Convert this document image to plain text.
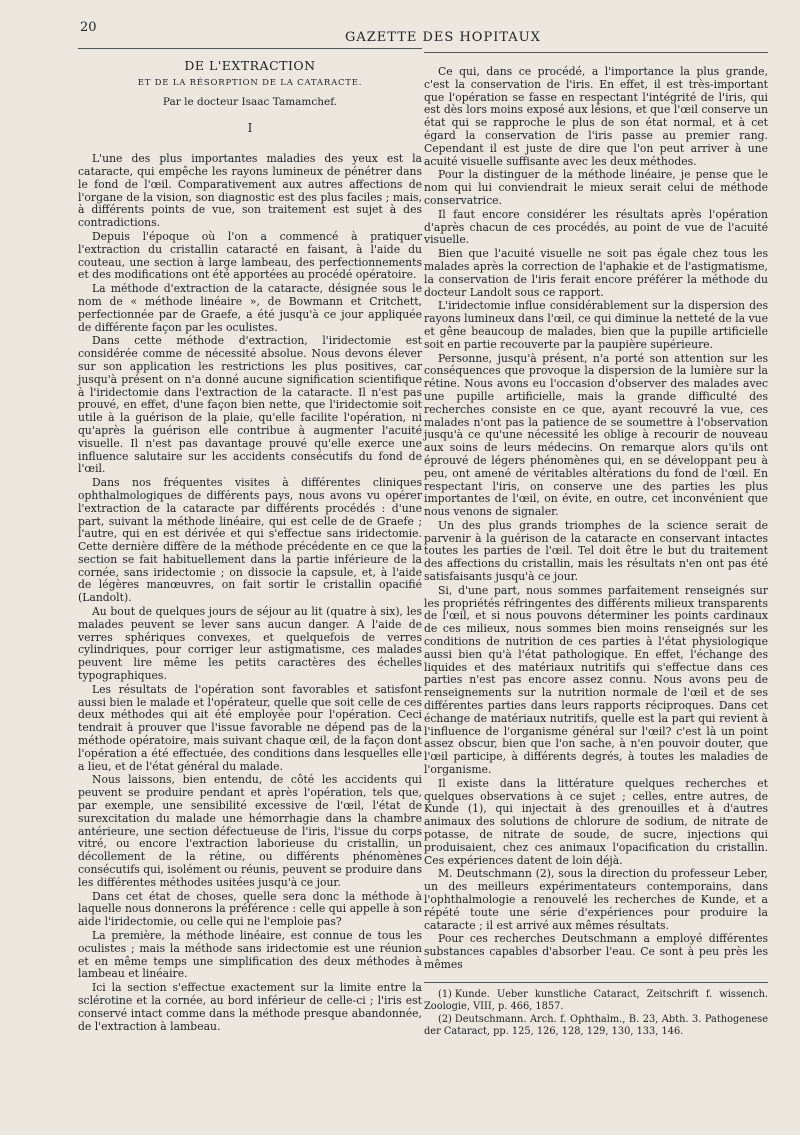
20
GAZETTE DES HOPITAUX
DE L'EXTRACTION
ET DE LA RÉSORPTION DE LA CATARACTE.
Par le docteur Isaac Tamamchef.
I

L'une des plus importantes maladies des yeux est la cataracte, qui empêche les rayons lumineux de pénétrer dans le fond de l'œil. Comparativement aux autres affections de l'organe de la vision, son diagnostic est des plus faciles ; mais, à différents points de vue, son traitement est sujet à des contradictions.

Depuis l'époque où l'on a commencé à pratiquer l'extraction du cristallin cataracté en faisant, à l'aide du couteau, une section à large lambeau, des perfectionnements et des modifications ont été apportées au procédé opératoire.

La méthode d'extraction de la cataracte, désignée sous le nom de « méthode linéaire », de Bowmann et Critchett, perfectionnée par de Graefe, a été jusqu'à ce jour appliquée de différente façon par les oculistes.

Dans cette méthode d'extraction, l'iridectomie est considérée comme de nécessité absolue. Nous devons élever sur son application les restrictions les plus positives, car jusqu'à présent on n'a donné aucune signification scientifique à l'iridectomie dans l'extraction de la cataracte. Il n'est pas prouvé, en effet, d'une façon bien nette, que l'iridectomie soit utile à la guérison de la plaie, qu'elle facilite l'opération, ni qu'après la guérison elle contribue à augmenter l'acuité visuelle. Il n'est pas davantage prouvé qu'elle exerce une influence salutaire sur les accidents consécutifs du fond de l'œil.

Dans nos fréquentes visites à différentes cliniques ophthalmologiques de différents pays, nous avons vu opérer l'extraction de la cataracte par différents procédés : d'une part, suivant la méthode linéaire, qui est celle de de Graefe ; l'autre, qui en est dérivée et qui s'effectue sans iridectomie. Cette dernière diffère de la méthode précédente en ce que la section se fait habituellement dans la partie inférieure de la cornée, sans iridectomie ; on dissocie la capsule, et, à l'aide de légères manœuvres, on fait sortir le cristallin opacifié (Landolt).

Au bout de quelques jours de séjour au lit (quatre à six), les malades peuvent se lever sans aucun danger. A l'aide de verres sphériques convexes, et quelquefois de verres cylindriques, pour corriger leur astigmatisme, ces malades peuvent lire même les petits caractères des échelles typographiques.

Les résultats de l'opération sont favorables et satisfont aussi bien le malade et l'opérateur, quelle que soit celle de ces deux méthodes qui ait été employée pour l'opération. Ceci tendrait à prouver que l'issue favorable ne dépend pas de la méthode opératoire, mais suivant chaque œil, de la façon dont l'opération a été effectuée, des conditions dans lesquelles elle a lieu, et de l'état général du malade.

Nous laissons, bien entendu, de côté les accidents qui peuvent se produire pendant et après l'opération, tels que, par exemple, une sensibilité excessive de l'œil, l'état de surexcitation du malade une hémorrhagie dans la chambre antérieure, une section défectueuse de l'iris, l'issue du corps vitré, ou encore l'extraction laborieuse du cristallin, un décollement de la rétine, ou différents phénomènes consécutifs qui, isolément ou réunis, peuvent se produire dans les différentes méthodes usitées jusqu'à ce jour.

Dans cet état de choses, quelle sera donc la méthode à laquelle nous donnerons la préférence : celle qui appelle à son aide l'iridectomie, ou celle qui ne l'emploie pas?

La première, la méthode linéaire, est connue de tous les oculistes ; mais la méthode sans iridectomie est une réunion et en même temps une simplification des deux méthodes à lambeau et linéaire.

Ici la section s'effectue exactement sur la limite entre la sclérotine et la cornée, au bord inférieur de celle-ci ; l'iris est conservé intact comme dans la méthode presque abandonnée, de l'extraction à lambeau.

Ce qui, dans ce procédé, a l'importance la plus grande, c'est la conservation de l'iris. En effet, il est très-important que l'opération se fasse en respectant l'intégrité de l'iris, qui est dès lors moins exposé aux lésions, et que l'œil conserve un état qui se rapproche le plus de son état normal, et à cet égard la conservation de l'iris passe au premier rang. Cependant il est juste de dire que l'on peut arriver à une acuité visuelle suffisante avec les deux méthodes.

Pour la distinguer de la méthode linéaire, je pense que le nom qui lui conviendrait le mieux serait celui de méthode conservatrice.

Il faut encore considérer les résultats après l'opération d'après chacun de ces procédés, au point de vue de l'acuité visuelle.

Bien que l'acuité visuelle ne soit pas égale chez tous les malades après la correction de l'aphakie et de l'astigmatisme, la conservation de l'iris ferait encore préférer la méthode du docteur Landolt sous ce rapport.

L'iridectomie influe considérablement sur la dispersion des rayons lumineux dans l'œil, ce qui diminue la netteté de la vue et gêne beaucoup de malades, bien que la pupille artificielle soit en partie recouverte par la paupière supérieure.

Personne, jusqu'à présent, n'a porté son attention sur les conséquences que provoque la dispersion de la lumière sur la rétine. Nous avons eu l'occasion d'observer des malades avec une pupille artificielle, mais la grande difficulté des recherches consiste en ce que, ayant recouvré la vue, ces malades n'ont pas la patience de se soumettre à l'observation jusqu'à ce qu'une nécessité les oblige à recourir de nouveau aux soins de leurs médecins. On remarque alors qu'ils ont éprouvé de légers phénomènes qui, en se développant peu à peu, ont amené de véritables altérations du fond de l'œil. En respectant l'iris, on conserve une des parties les plus importantes de l'œil, on évite, en outre, cet inconvénient que nous venons de signaler.

Un des plus grands triomphes de la science serait de parvenir à la guérison de la cataracte en conservant intactes toutes les parties de l'œil. Tel doit être le but du traitement des affections du cristallin, mais les résultats n'en ont pas été satisfaisants jusqu'à ce jour.

Si, d'une part, nous sommes parfaitement renseignés sur les propriétés réfringentes des différents milieux transparents de l'œil, et si nous pouvons déterminer les points cardinaux de ces milieux, nous sommes bien moins renseignés sur les conditions de nutrition de ces parties à l'état physiologique aussi bien qu'à l'état pathologique. En effet, l'échange des liquides et des matériaux nutritifs qui s'effectue dans ces parties n'est pas encore assez connu. Nous avons peu de renseignements sur la nutrition normale de l'œil et de ses différentes parties dans leurs rapports réciproques. Dans cet échange de matériaux nutritifs, quelle est la part qui revient à l'influence de l'organisme général sur l'œil? c'est là un point assez obscur, bien que l'on sache, à n'en pouvoir douter, que l'œil participe, à différents degrés, à toutes les maladies de l'organisme.

Il existe dans la littérature quelques recherches et quelques observations à ce sujet ; celles, entre autres, de Kunde (1), qui injectait à des grenouilles et à d'autres animaux des solutions de chlorure de sodium, de nitrate de potasse, de nitrate de soude, de sucre, injections qui produisaient, chez ces animaux l'opacification du cristallin. Ces expériences datent de loin déjà.

M. Deutschmann (2), sous la direction du professeur Leber, un des meilleurs expérimentateurs contemporains, dans l'ophthalmologie a renouvelé les recherches de Kunde, et a répété toute une série d'expériences pour produire la cataracte ; il est arrivé aux mêmes résultats.

Pour ces recherches Deutschmann a employé différentes substances capables d'absorber l'eau. Ce sont à peu près les mêmes

(1) Kunde. Ueber kunstliche Cataract, Zeitschrift f. wissench. Zoologie, VIII, p. 466, 1857.

(2) Deutschmann. Arch. f. Ophthalm., B. 23, Abth. 3. Pathogenese der Cataract, pp. 125, 126, 128, 129, 130, 133, 146.
